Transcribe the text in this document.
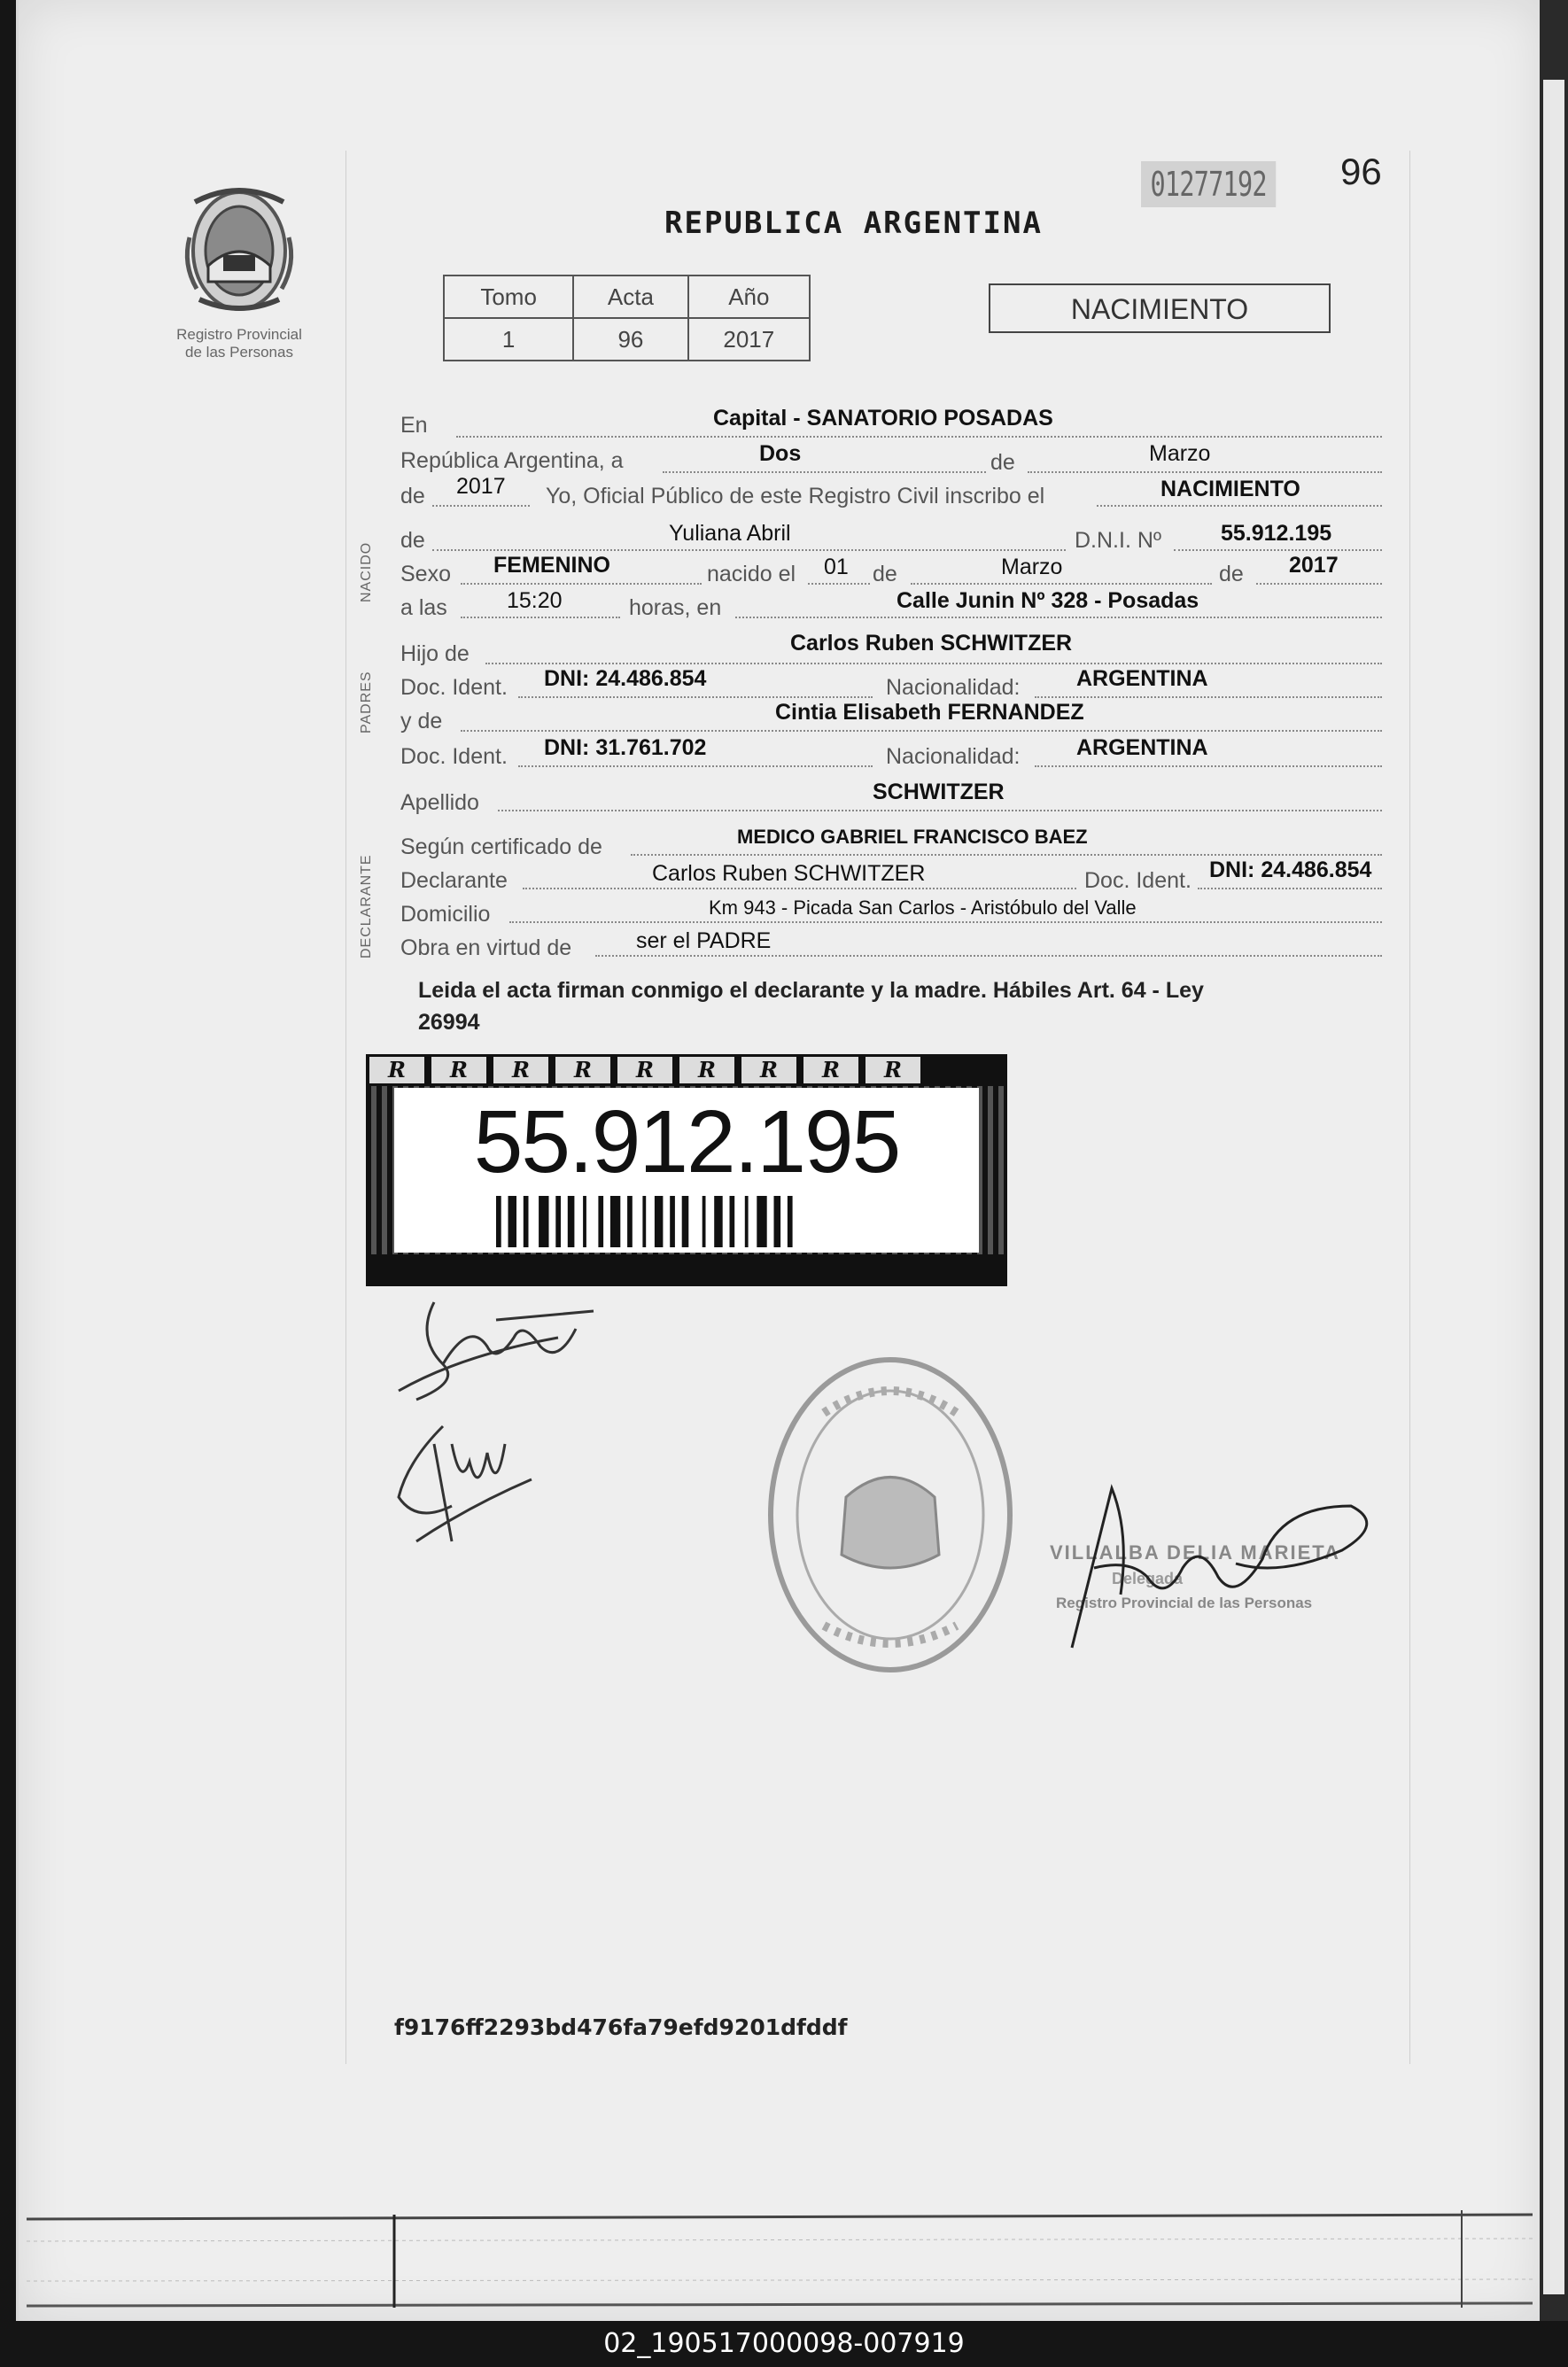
Registro Provincial
de las Personas
REPUBLICA ARGENTINA
01277192 96
Tomo	Acta	Año
1	96	2017
NACIMIENTO
NACIDO
PADRES
DECLARANTE
En	Capital - SANATORIO POSADAS
República Argentina, a	Dos	de	Marzo
de 2017 Yo, Oficial Público de este Registro Civil inscribo el	NACIMIENTO
de	Yuliana Abril	D.N.I. Nº	55.912.195
Sexo FEMENINO	nacido el 01 de	Marzo	de 2017
a las	15:20	horas, en	Calle Junin Nº 328 - Posadas
Hijo de	Carlos Ruben SCHWITZER
Doc. Ident. DNI: 24.486.854	Nacionalidad:	ARGENTINA
y de	Cintia Elisabeth FERNANDEZ
Doc. Ident. DNI: 31.761.702	Nacionalidad:	ARGENTINA
Apellido	SCHWITZER
Según certificado de	MEDICO GABRIEL FRANCISCO BAEZ
Declarante	Carlos Ruben SCHWITZER	Doc. Ident. DNI: 24.486.854
Domicilio	Km 943 - Picada San Carlos - Aristóbulo del Valle
Obra en virtud de	ser el PADRE
Leida el acta firman conmigo el declarante y la madre. Hábiles Art. 64 - Ley
26994
R R R R R R R R R
55.912.195
VILLALBA DELIA MARIETA
Delegada
Registro Provincial de las Personas
f9176ff2293bd476fa79efd9201dfddf
02_190517000098-007919
